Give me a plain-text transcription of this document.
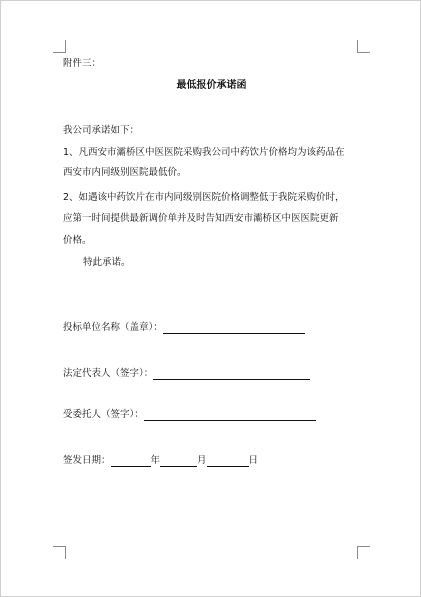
附件三：
最低报价承诺函
我公司承诺如下：
1、凡西安市灞桥区中医医院采购我公司中药饮片价格均为该药品在
西安市内同级别医院最低价。
2、如遇该中药饮片在市内同级别医院价格调整低于我院采购价时，
应第一时间提供最新调价单并及时告知西安市灞桥区中医医院更新
价格。
特此承诺。
投标单位名称（盖章）：
法定代表人（签字）：
受委托人（签字）：
签发日期：	年	月	日
